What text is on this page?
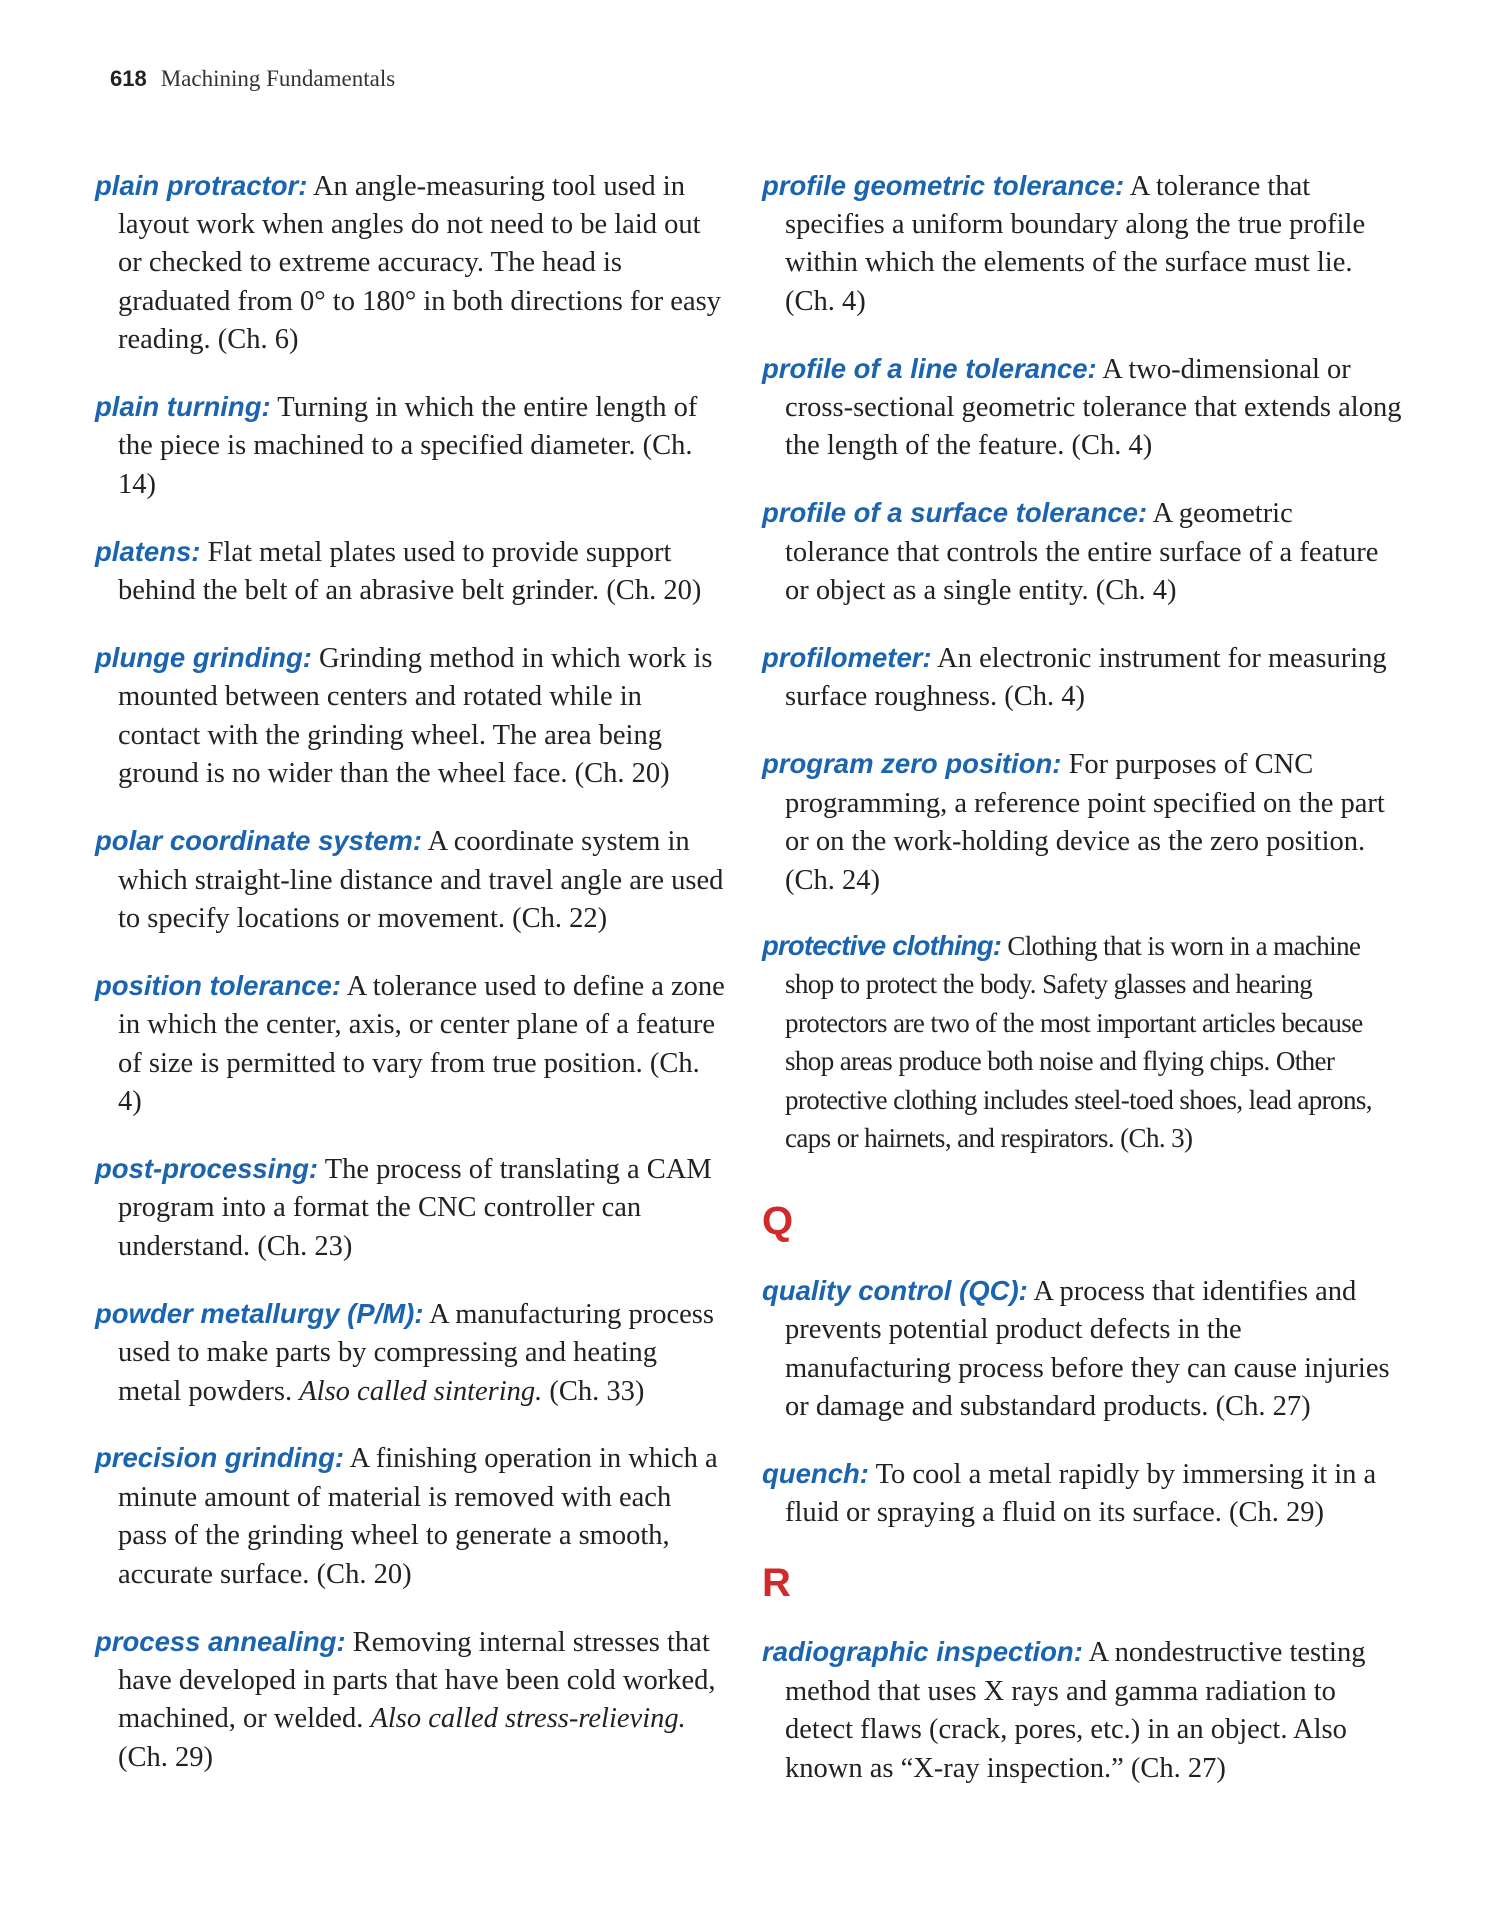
618 Machining Fundamentals

plain protractor: An angle-measuring tool used in layout work when angles do not need to be laid out or checked to extreme accuracy. The head is graduated from 0° to 180° in both directions for easy reading. (Ch. 6)

plain turning: Turning in which the entire length of the piece is machined to a specified diameter. (Ch. 14)

platens: Flat metal plates used to provide support behind the belt of an abrasive belt grinder. (Ch. 20)

plunge grinding: Grinding method in which work is mounted between centers and rotated while in contact with the grinding wheel. The area being ground is no wider than the wheel face. (Ch. 20)

polar coordinate system: A coordinate system in which straight-line distance and travel angle are used to specify locations or movement. (Ch. 22)

position tolerance: A tolerance used to define a zone in which the center, axis, or center plane of a feature of size is permitted to vary from true position. (Ch. 4)

post-processing: The process of translating a CAM program into a format the CNC controller can understand. (Ch. 23)

powder metallurgy (P/M): A manufacturing process used to make parts by compressing and heating metal powders. Also called sintering. (Ch. 33)

precision grinding: A finishing operation in which a minute amount of material is removed with each pass of the grinding wheel to generate a smooth, accurate surface. (Ch. 20)

process annealing: Removing internal stresses that have developed in parts that have been cold worked, machined, or welded. Also called stress-relieving. (Ch. 29)

profile geometric tolerance: A tolerance that specifies a uniform boundary along the true profile within which the elements of the surface must lie. (Ch. 4)

profile of a line tolerance: A two-dimensional or cross-sectional geometric tolerance that extends along the length of the feature. (Ch. 4)

profile of a surface tolerance: A geometric tolerance that controls the entire surface of a feature or object as a single entity. (Ch. 4)

profilometer: An electronic instrument for measuring surface roughness. (Ch. 4)

program zero position: For purposes of CNC programming, a reference point specified on the part or on the work-holding device as the zero position. (Ch. 24)

protective clothing: Clothing that is worn in a machine shop to protect the body. Safety glasses and hearing protectors are two of the most important articles because shop areas produce both noise and flying chips. Other protective clothing includes steel-toed shoes, lead aprons, caps or hairnets, and respirators. (Ch. 3)

Q

quality control (QC): A process that identifies and prevents potential product defects in the manufacturing process before they can cause injuries or damage and substandard products. (Ch. 27)

quench: To cool a metal rapidly by immersing it in a fluid or spraying a fluid on its surface. (Ch. 29)

R

radiographic inspection: A nondestructive testing method that uses X rays and gamma radiation to detect flaws (crack, pores, etc.) in an object. Also known as “X-ray inspection.” (Ch. 27)
